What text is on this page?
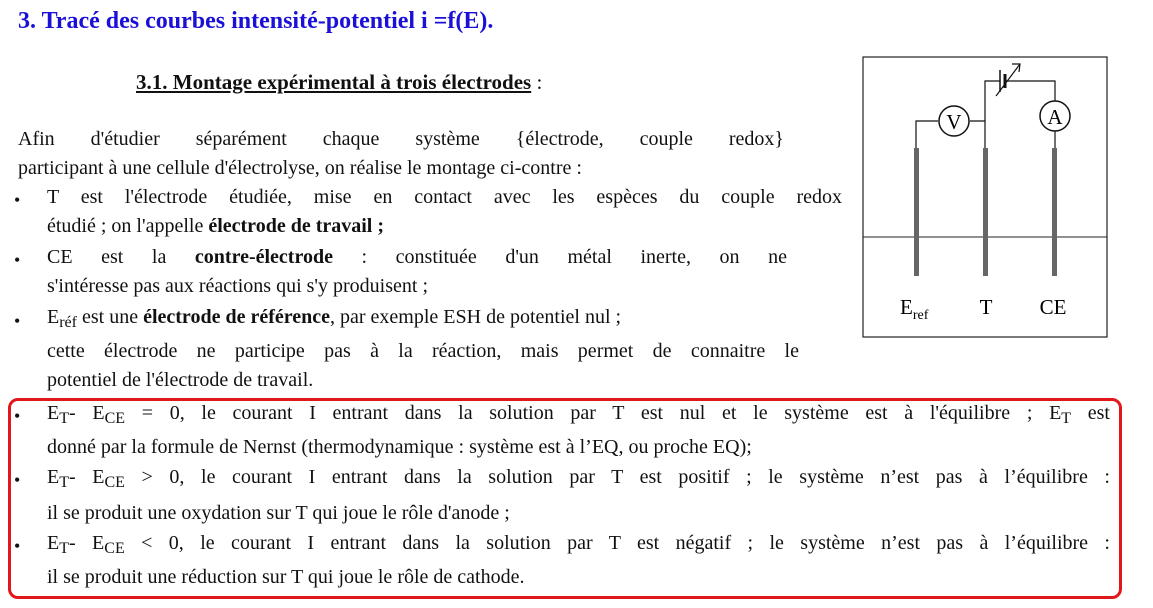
3. Tracé des courbes intensité-potentiel i =f(E).
3.1. Montage expérimental à trois électrodes :
Afin d'étudier séparément chaque système {électrode, couple redox}
participant à une cellule d'électrolyse, on réalise le montage ci-contre :
• T est l'électrode étudiée, mise en contact avec les espèces du couple redox
étudié ; on l'appelle électrode de travail ;
• CE est la contre-électrode : constituée d'un métal inerte, on ne
s'intéresse pas aux réactions qui s'y produisent ;
• $E_{réf}$ est une électrode de référence, par exemple ESH de potentiel nul ;
cette électrode ne participe pas à la réaction, mais permet de connaitre le
potentiel de l'électrode de travail.
V	A
$E_{ref}$ T CE
• $E_T-$ $E_{CE} = 0$, le courant I entrant dans la solution par T est nul et le système est à l'équilibre ; $E_T$ est
donné par la formule de Nernst (thermodynamique : système est à l’EQ, ou proche EQ);
• $E_T-$ $E_{CE} > 0$, le courant I entrant dans la solution par T est positif ; le système n’est pas à l’équilibre :
il se produit une oxydation sur T qui joue le rôle d'anode ;
• $E_T-$ $E_{CE} < 0$, le courant I entrant dans la solution par T est négatif ; le système n’est pas à l’équilibre :
il se produit une réduction sur T qui joue le rôle de cathode.
